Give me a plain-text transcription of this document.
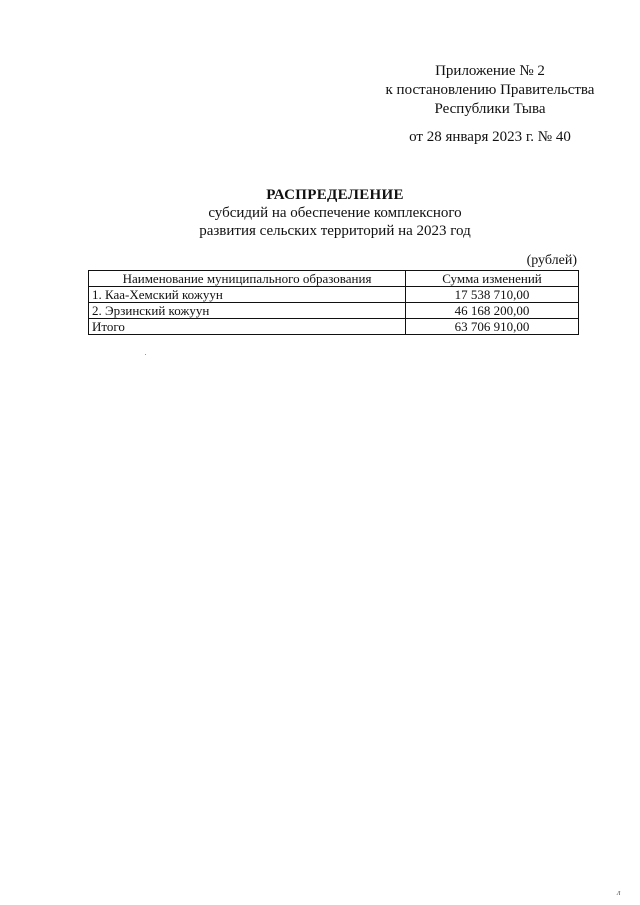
Приложение № 2
к постановлению Правительства
Республики Тыва
от 28 января 2023 г. № 40
РАСПРЕДЕЛЕНИЕ
субсидий на обеспечение комплексного
развития сельских территорий на 2023 год
(рублей)
Наименование муниципального образования	Сумма изменений
1. Каа-Хемский кожуун	17 538 710,00
2. Эрзинский кожуун	46 168 200,00
Итого	63 706 910,00
л
